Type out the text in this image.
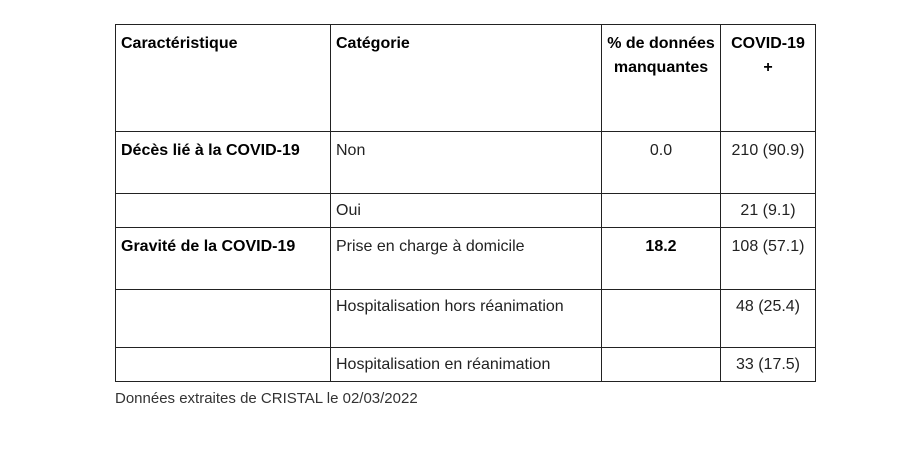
Caractéristique	Catégorie	% de données manquantes	COVID-19 +
Décès lié à la COVID-19	Non	0.0	210 (90.9)
	Oui		21 (9.1)
Gravité de la COVID-19	Prise en charge à domicile	18.2	108 (57.1)
	Hospitalisation hors réanimation		48 (25.4)
	Hospitalisation en réanimation		33 (17.5)
Données extraites de CRISTAL le 02/03/2022
